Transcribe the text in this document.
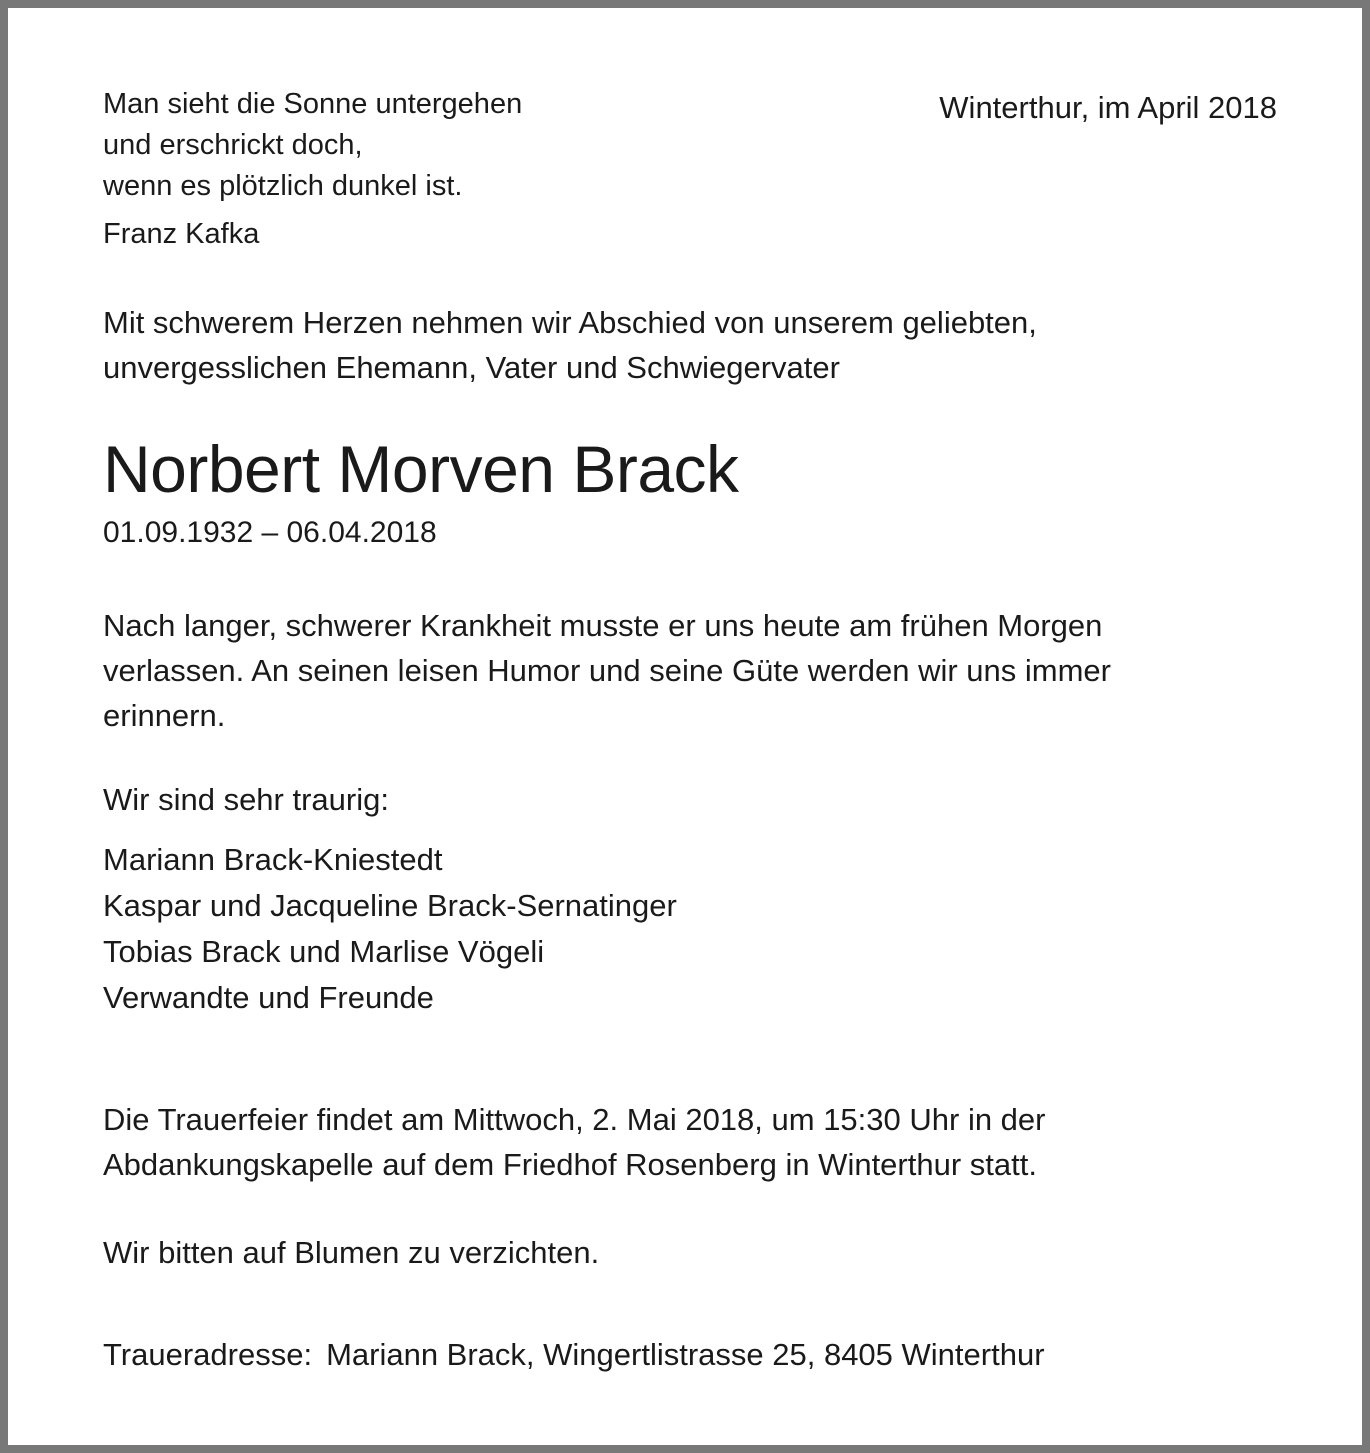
Winterthur, im April 2018
Man sieht die Sonne untergehen
und erschrickt doch,
wenn es plötzlich dunkel ist.
Franz Kafka
Mit schwerem Herzen nehmen wir Abschied von unserem geliebten,
unvergesslichen Ehemann, Vater und Schwiegervater
Norbert Morven Brack
01.09.1932 – 06.04.2018
Nach langer, schwerer Krankheit musste er uns heute am frühen Morgen
verlassen. An seinen leisen Humor und seine Güte werden wir uns immer
erinnern.
Wir sind sehr traurig:
Mariann Brack-Kniestedt
Kaspar und Jacqueline Brack-Sernatinger
Tobias Brack und Marlise Vögeli
Verwandte und Freunde
Die Trauerfeier findet am Mittwoch, 2. Mai 2018, um 15:30 Uhr in der
Abdankungskapelle auf dem Friedhof Rosenberg in Winterthur statt.
Wir bitten auf Blumen zu verzichten.
Traueradresse: Mariann Brack, Wingertlistrasse 25, 8405 Winterthur
